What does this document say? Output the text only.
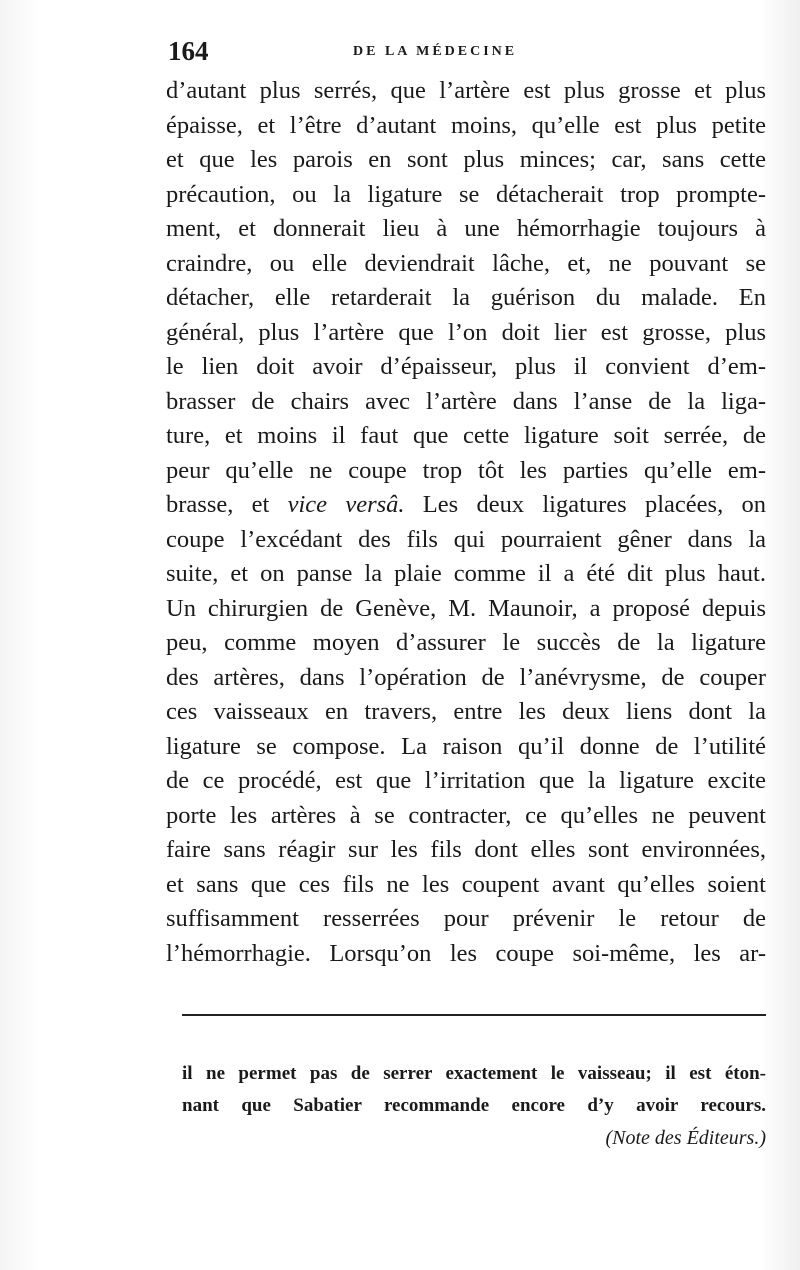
164	DE LA MÉDECINE
d’autant plus serrés, que l’artère est plus grosse et plus
épaisse, et l’être d’autant moins, qu’elle est plus petite
et que les parois en sont plus minces; car, sans cette
précaution, ou la ligature se détacherait trop prompte-
ment, et donnerait lieu à une hémorrhagie toujours à
craindre, ou elle deviendrait lâche, et, ne pouvant se
détacher, elle retarderait la guérison du malade. En
général, plus l’artère que l’on doit lier est grosse, plus
le lien doit avoir d’épaisseur, plus il convient d’em-
brasser de chairs avec l’artère dans l’anse de la liga-
ture, et moins il faut que cette ligature soit serrée, de
peur qu’elle ne coupe trop tôt les parties qu’elle em-
brasse, et vice versâ. Les deux ligatures placées, on
coupe l’excédant des fils qui pourraient gêner dans la
suite, et on panse la plaie comme il a été dit plus haut.
Un chirurgien de Genève, M. Maunoir, a proposé depuis
peu, comme moyen d’assurer le succès de la ligature
des artères, dans l’opération de l’anévrysme, de couper
ces vaisseaux en travers, entre les deux liens dont la
ligature se compose. La raison qu’il donne de l’utilité
de ce procédé, est que l’irritation que la ligature excite
porte les artères à se contracter, ce qu’elles ne peuvent
faire sans réagir sur les fils dont elles sont environnées,
et sans que ces fils ne les coupent avant qu’elles soient
suffisamment resserrées pour prévenir le retour de
l’hémorrhagie. Lorsqu’on les coupe soi-même, les ar-
il ne permet pas de serrer exactement le vaisseau; il est éton-
nant que Sabatier recommande encore d’y avoir recours.
(Note des Éditeurs.)
